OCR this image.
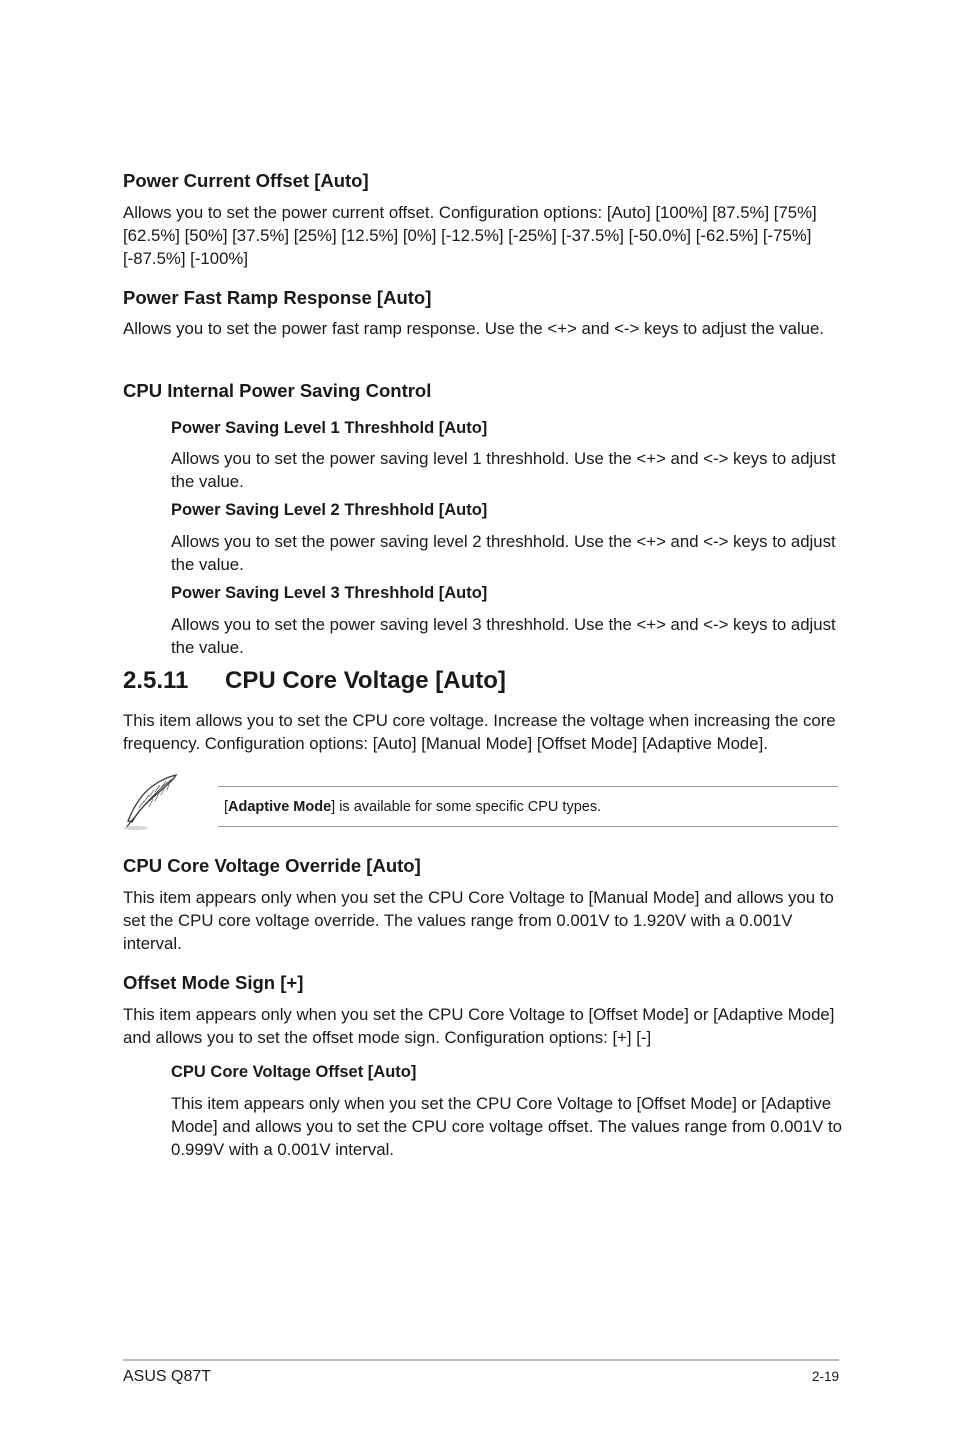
Power Current Offset [Auto]

Allows you to set the power current offset. Configuration options: [Auto] [100%] [87.5%] [75%] [62.5%] [50%] [37.5%] [25%] [12.5%] [0%] [-12.5%] [-25%] [-37.5%] [-50.0%] [-62.5%] [-75%] [-87.5%] [-100%]

Power Fast Ramp Response [Auto]

Allows you to set the power fast ramp response. Use the <+> and <-> keys to adjust the value.

CPU Internal Power Saving Control
Power Saving Level 1 Threshhold [Auto]

Allows you to set the power saving level 1 threshhold. Use the <+> and <-> keys to adjust the value.

Power Saving Level 2 Threshhold [Auto]

Allows you to set the power saving level 2 threshhold. Use the <+> and <-> keys to adjust the value.

Power Saving Level 3 Threshhold [Auto]

Allows you to set the power saving level 3 threshhold. Use the <+> and <-> keys to adjust the value.

2.5.11 CPU Core Voltage [Auto]

This item allows you to set the CPU core voltage. Increase the voltage when increasing the core frequency. Configuration options: [Auto] [Manual Mode] [Offset Mode] [Adaptive Mode].

[Adaptive Mode] is available for some specific CPU types.
CPU Core Voltage Override [Auto]

This item appears only when you set the CPU Core Voltage to [Manual Mode] and allows you to set the CPU core voltage override. The values range from 0.001V to 1.920V with a 0.001V interval.

Offset Mode Sign [+]

This item appears only when you set the CPU Core Voltage to [Offset Mode] or [Adaptive Mode] and allows you to set the offset mode sign. Configuration options: [+] [-]

CPU Core Voltage Offset [Auto]

This item appears only when you set the CPU Core Voltage to [Offset Mode] or [Adaptive Mode] and allows you to set the CPU core voltage offset. The values range from 0.001V to 0.999V with a 0.001V interval.

ASUS Q87T	2-19
